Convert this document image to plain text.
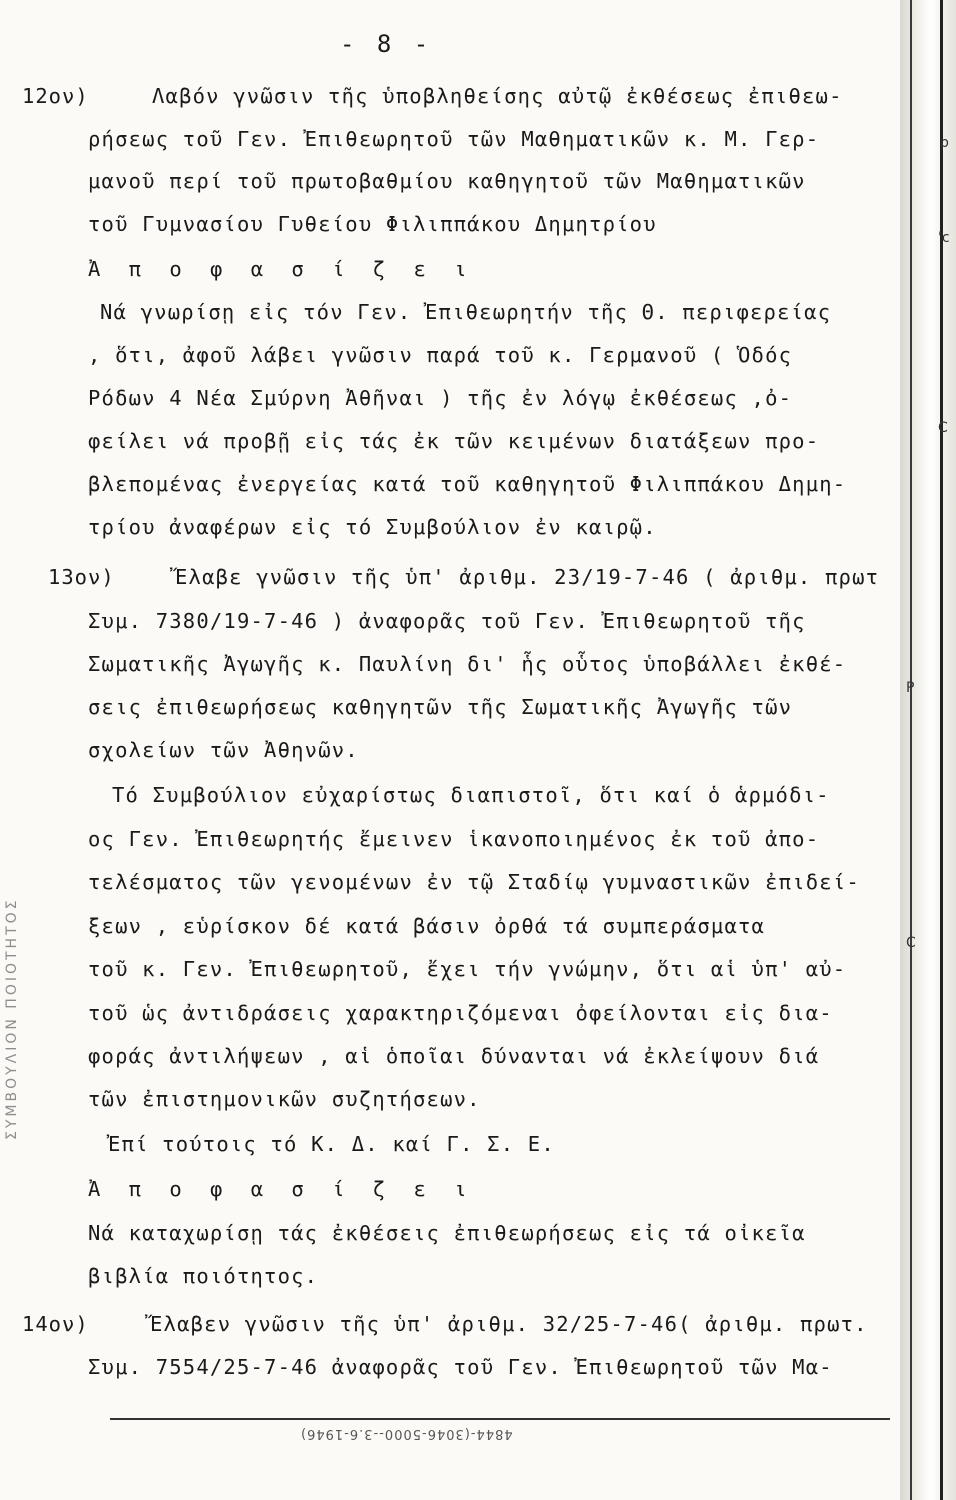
ΣΥΜΒΟΥΛΙΟΝ ΠΟΙΟΤΗΤΟΣ
- 8 -
12ον)	Λαβόν γνῶσιν τῆς ὑποβληθείσης αὐτῷ ἐκθέσεως ἐπιθεω-
ρήσεως τοῦ Γεν. Ἐπιθεωρητοῦ τῶν Μαθηματικῶν κ. Μ. Γερ-
μανοῦ περί τοῦ πρωτοβαθμίου καθηγητοῦ τῶν Μαθηματικῶν
τοῦ Γυμνασίου Γυθείου Φιλιππάκου Δημητρίου
Ἀ π ο φ α σ ί ζ ε ι
Νά γνωρίσῃ εἰς τόν Γεν. Ἐπιθεωρητήν τῆς Θ. περιφερείας
, ὅτι, ἀφοῦ λάβει γνῶσιν παρά τοῦ κ. Γερμανοῦ ( Ὁδός
Ρόδων 4 Νέα Σμύρνη Ἀθῆναι ) τῆς ἐν λόγῳ ἐκθέσεως ,ὀ-
φείλει νά προβῇ εἰς τάς ἐκ τῶν κειμένων διατάξεων προ-
βλεπομένας ἐνεργείας κατά τοῦ καθηγητοῦ Φιλιππάκου Δημη-
τρίου ἀναφέρων εἰς τό Συμβούλιον ἐν καιρῷ.
13ον)	Ἔλαβε γνῶσιν τῆς ὑπ' ἀριθμ. 23/19-7-46 ( ἀριθμ. πρωτ
Συμ. 7380/19-7-46 ) ἀναφορᾶς τοῦ Γεν. Ἐπιθεωρητοῦ τῆς
Σωματικῆς Ἀγωγῆς κ. Παυλίνη δι' ἧς οὗτος ὑποβάλλει ἐκθέ-
σεις ἐπιθεωρήσεως καθηγητῶν τῆς Σωματικῆς Ἀγωγῆς τῶν
σχολείων τῶν Ἀθηνῶν.
Τό Συμβούλιον εὐχαρίστως διαπιστοῖ, ὅτι καί ὁ ἁρμόδι-
ος Γεν. Ἐπιθεωρητής ἔμεινεν ἱκανοποιημένος ἐκ τοῦ ἀπο-
τελέσματος τῶν γενομένων ἐν τῷ Σταδίῳ γυμναστικῶν ἐπιδεί-
ξεων , εὑρίσκον δέ κατά βάσιν ὀρθά τά συμπεράσματα
τοῦ κ. Γεν. Ἐπιθεωρητοῦ, ἔχει τήν γνώμην, ὅτι αἱ ὑπ' αὐ-
τοῦ ὡς ἀντιδράσεις χαρακτηριζόμεναι ὀφείλονται εἰς δια-
φοράς ἀντιλήψεων , αἱ ὁποῖαι δύνανται νά ἐκλείψουν διά
τῶν ἐπιστημονικῶν συζητήσεων.
Ἐπί τούτοις τό Κ. Δ. καί Γ. Σ. Ε.
Ἀ π ο φ α σ ί ζ ε ι
Νά καταχωρίσῃ τάς ἐκθέσεις ἐπιθεωρήσεως εἰς τά οἰκεῖα
βιβλία ποιότητος.
14ον)	Ἔλαβεν γνῶσιν τῆς ὑπ' ἀριθμ. 32/25-7-46( ἀριθμ. πρωτ.
Συμ. 7554/25-7-46 ἀναφορᾶς τοῦ Γεν. Ἐπιθεωρητοῦ τῶν Μα-
4844-(3046-5000--3.6-1946)
p
'c
C
P
C
